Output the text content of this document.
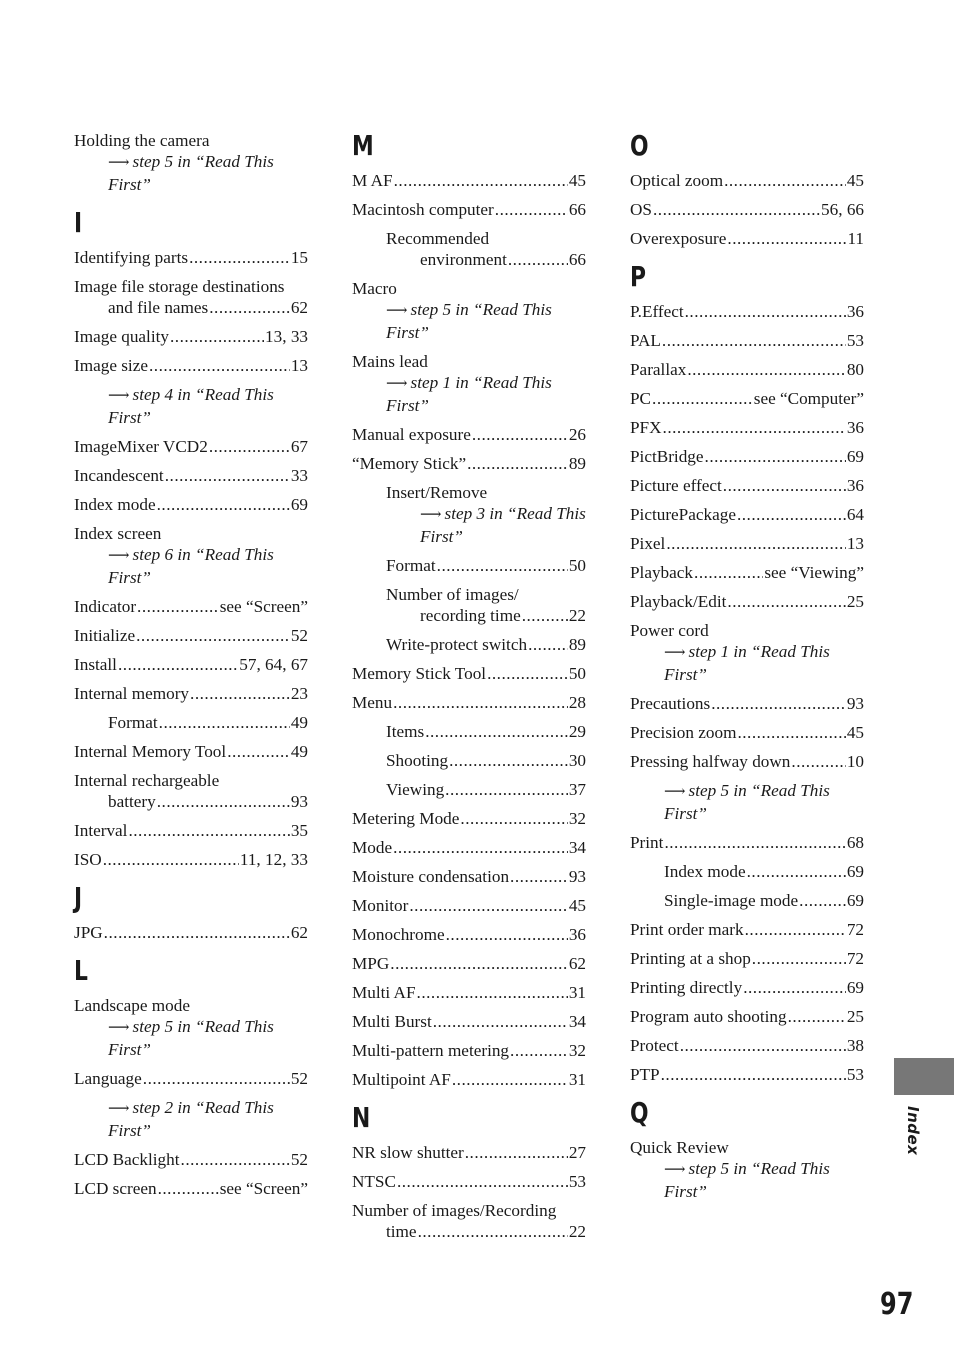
Holding the camera
⟶ step 5 in “Read This First”
I
Identifying parts .....	15
Image file storage destinations
and file names .....	62
Image quality .....	13, 33
Image size .....	13
⟶ step 4 in “Read This First”
ImageMixer VCD2 .....	67
Incandescent .....	33
Index mode .....	69
Index screen
⟶ step 6 in “Read This First”
Indicator .....	see “Screen”
Initialize .....	52
Install .....	57, 64, 67
Internal memory .....	23
Format .....	49
Internal Memory Tool .....	49
Internal rechargeable
battery .....	93
Interval .....	35
ISO .....	11, 12, 33
J
JPG .....	62
L
Landscape mode
⟶ step 5 in “Read This First”
Language .....	52
⟶ step 2 in “Read This First”
LCD Backlight .....	52
LCD screen .....	see “Screen”
M
M AF .....	45
Macintosh computer .....	66
Recommended
environment .....	66
Macro
⟶ step 5 in “Read This First”
Mains lead
⟶ step 1 in “Read This First”
Manual exposure .....	26
“Memory Stick” .....	89
Insert/Remove
⟶ step 3 in “Read This First”
Format .....	50
Number of images/
recording time .....	22
Write-protect switch ..... 89
Memory Stick Tool .....	50
Menu .....	28
Items .....	29
Shooting .....	30
Viewing .....	37
Metering Mode .....	32
Mode .....	34
Moisture condensation .....	93
Monitor .....	45
Monochrome .....	36
MPG .....	62
Multi AF .....	31
Multi Burst .....	34
Multi-pattern metering .....	32
Multipoint AF .....	31
N
NR slow shutter .....	27
NTSC .....	53
Number of images/Recording
time .....	22
O
Optical zoom .....	45
OS .....	56, 66
Overexposure .....	11
P
P.Effect .....	36
PAL .....	53
Parallax .....	80
PC .....	see “Computer”
PFX .....	36
PictBridge .....	69
Picture effect .....	36
PicturePackage .....	64
Pixel .....	13
Playback .....	see “Viewing”
Playback/Edit .....	25
Power cord
⟶ step 1 in “Read This First”
Precautions .....	93
Precision zoom .....	45
Pressing halfway down .....	10
⟶ step 5 in “Read This First”
Print .....	68
Index mode .....	69
Single-image mode .....	69
Print order mark .....	72
Printing at a shop .....	72
Printing directly .....	69
Program auto shooting .....	25
Protect .....	38
PTP .....	53
Q
Quick Review
⟶ step 5 in “Read This First”
Index
97
